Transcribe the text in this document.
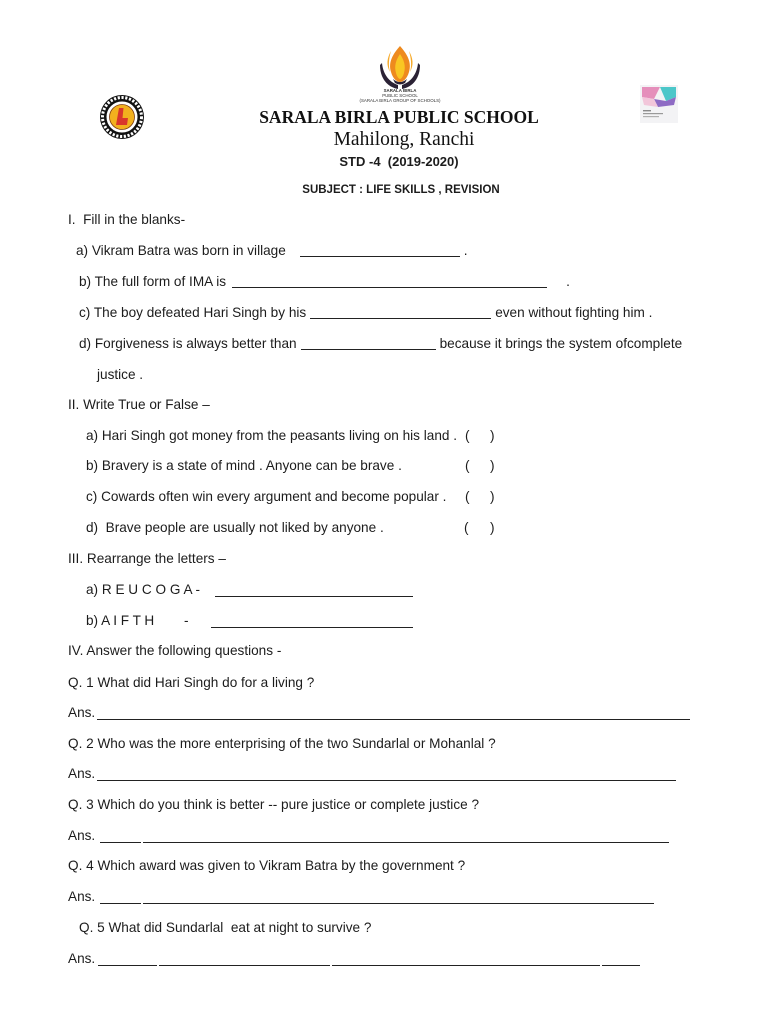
SARALA BIRLA
PUBLIC SCHOOL
(SARALA BIRLA GROUP OF SCHOOLS)
SARALA BIRLA PUBLIC SCHOOL
Mahilong, Ranchi
STD -4  (2019-2020)
SUBJECT : LIFE SKILLS , REVISION
I.  Fill in the blanks-
a) Vikram Batra was born in village	.
b) The full form of IMA is	.
c) The boy defeated Hari Singh by his	even without fighting him .
d) Forgiveness is always better than	because it brings the system ofcomplete
justice .
II. Write True or False –
a) Hari Singh got money from the peasants living on his land . ( )
b) Bravery is a state of mind . Anyone can be brave .	( )
c) Cowards often win every argument and become popular . ( )
d)  Brave people are usually not liked by anyone .	( )
III. Rearrange the letters –
a) R E U C O G A -
b) A I F T H -
IV. Answer the following questions -
Q. 1 What did Hari Singh do for a living ?
Ans.
Q. 2 Who was the more enterprising of the two Sundarlal or Mohanlal ?
Ans.
Q. 3 Which do you think is better -- pure justice or complete justice ?
Ans.
Q. 4 Which award was given to Vikram Batra by the government ?
Ans.
Q. 5 What did Sundarlal  eat at night to survive ?
Ans.
